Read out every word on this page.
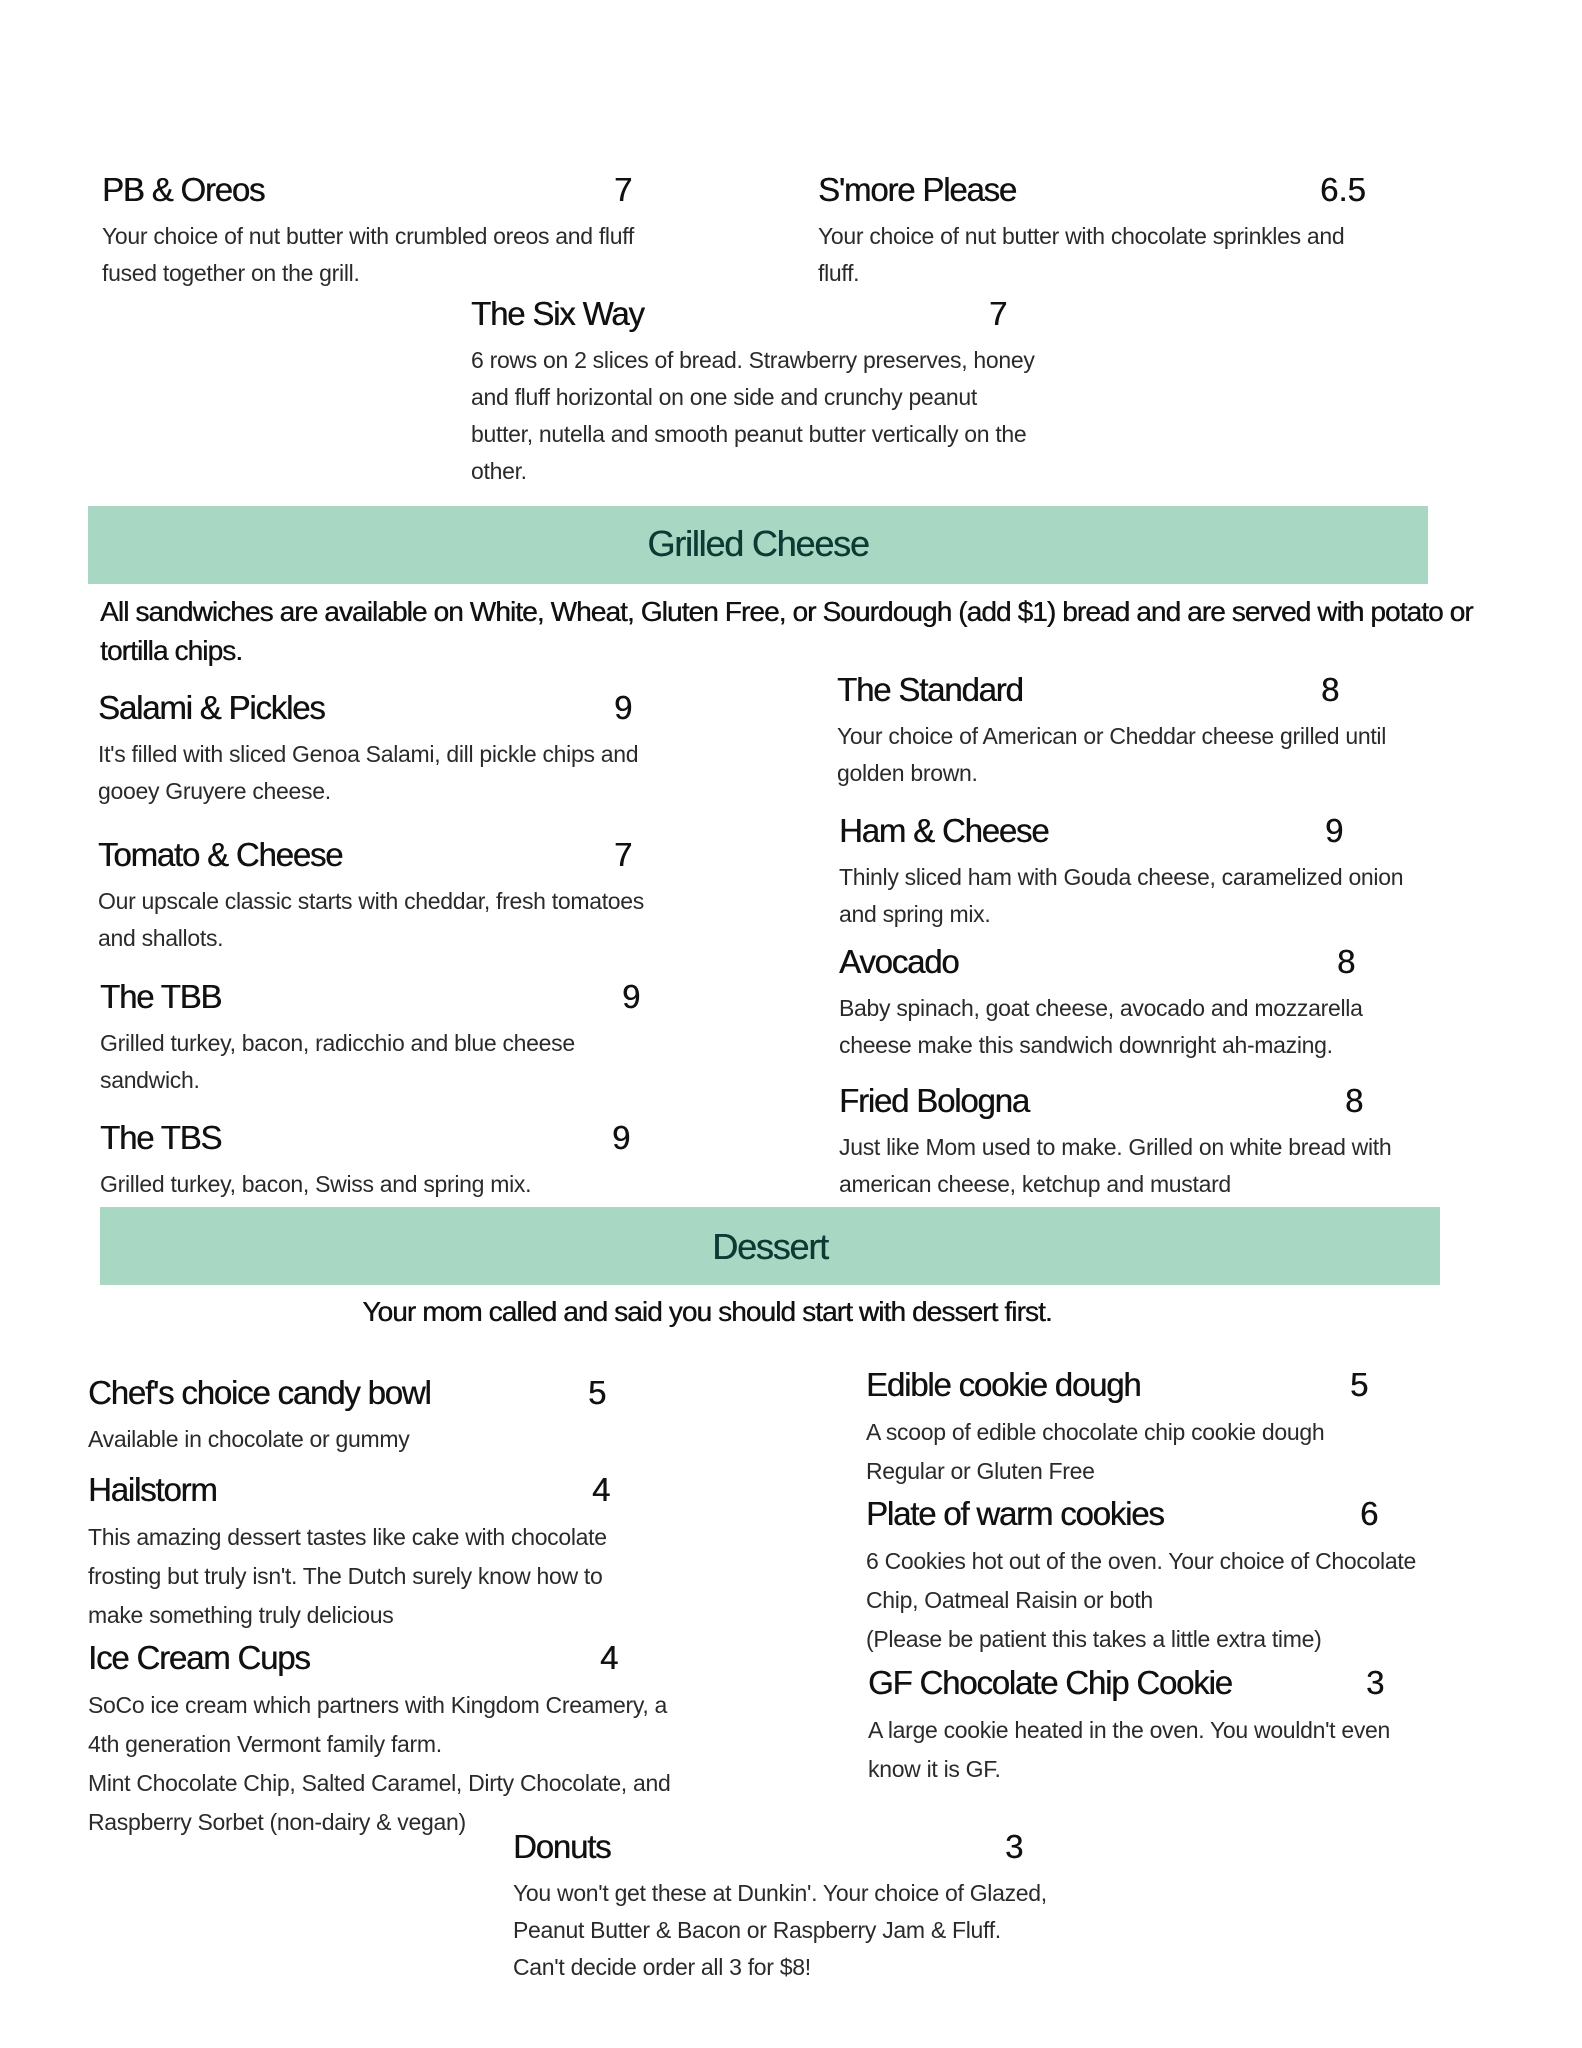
PB & Oreos	7
Your choice of nut butter with crumbled oreos and fluff
fused together on the grill.
S'more Please	6.5
Your choice of nut butter with chocolate sprinkles and
fluff.
The Six Way	7
6 rows on 2 slices of bread. Strawberry preserves, honey
and fluff horizontal on one side and crunchy peanut
butter, nutella and smooth peanut butter vertically on the
other.
Grilled Cheese
All sandwiches are available on White, Wheat, Gluten Free, or Sourdough (add $1) bread and are served with potato or
tortilla chips.
Salami & Pickles	9
It's filled with sliced Genoa Salami, dill pickle chips and
gooey Gruyere cheese.
Tomato & Cheese	7
Our upscale classic starts with cheddar, fresh tomatoes
and shallots.
The TBB	9
Grilled turkey, bacon, radicchio and blue cheese
sandwich.
The TBS	9
Grilled turkey, bacon, Swiss and spring mix.
The Standard	8
Your choice of American or Cheddar cheese grilled until
golden brown.
Ham & Cheese	9
Thinly sliced ham with Gouda cheese, caramelized onion
and spring mix.
Avocado	8
Baby spinach, goat cheese, avocado and mozzarella
cheese make this sandwich downright ah-mazing.
Fried Bologna	8
Just like Mom used to make. Grilled on white bread with
american cheese, ketchup and mustard
Dessert
Your mom called and said you should start with dessert first.
Chef's choice candy bowl	5
Available in chocolate or gummy
Hailstorm	4
This amazing dessert tastes like cake with chocolate
frosting but truly isn't. The Dutch surely know how to
make something truly delicious
Ice Cream Cups	4
SoCo ice cream which partners with Kingdom Creamery, a
4th generation Vermont family farm.
Mint Chocolate Chip, Salted Caramel, Dirty Chocolate, and
Raspberry Sorbet (non-dairy & vegan)
Edible cookie dough	5
A scoop of edible chocolate chip cookie dough
Regular or Gluten Free
Plate of warm cookies	6
6 Cookies hot out of the oven. Your choice of Chocolate
Chip, Oatmeal Raisin or both
(Please be patient this takes a little extra time)
GF Chocolate Chip Cookie	3
A large cookie heated in the oven. You wouldn't even
know it is GF.
Donuts	3
You won't get these at Dunkin'. Your choice of Glazed,
Peanut Butter & Bacon or Raspberry Jam & Fluff.
Can't decide order all 3 for $8!
